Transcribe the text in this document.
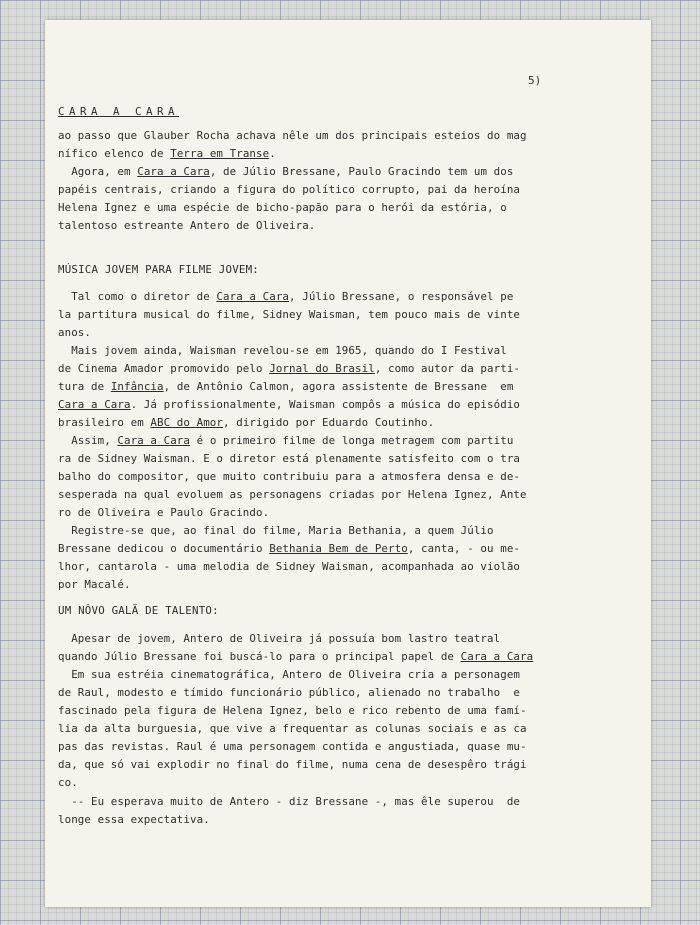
CARA A CARA
5)
ao passo que Glauber Rocha achava nêle um dos principais esteios do mag
nífico elenco de Terra em Transe.
Agora, em Cara a Cara, de Júlio Bressane, Paulo Gracindo tem um dos
papéis centrais, criando a figura do político corrupto, pai da heroína
Helena Ignez e uma espécie de bicho-papão para o herói da estória, o
talentoso estreante Antero de Oliveira.
MÚSICA JOVEM PARA FILME JOVEM:
Tal como o diretor de Cara a Cara, Júlio Bressane, o responsável pe
la partitura musical do filme, Sidney Waisman, tem pouco mais de vinte
anos.
Mais jovem ainda, Waisman revelou-se em 1965, quando do I Festival
de Cinema Amador promovido pelo Jornal do Brasil, como autor da parti-
tura de Infância, de Antônio Calmon, agora assistente de Bressane  em
Cara a Cara. Já profissionalmente, Waisman compôs a música do episódio
brasileiro em ABC do Amor, dirigido por Eduardo Coutinho.
Assim, Cara a Cara é o primeiro filme de longa metragem com partitu
ra de Sidney Waisman. E o diretor está plenamente satisfeito com o tra
balho do compositor, que muito contribuiu para a atmosfera densa e de-
sesperada na qual evoluem as personagens criadas por Helena Ignez, Ante
ro de Oliveira e Paulo Gracindo.
Registre-se que, ao final do filme, Maria Bethania, a quem Júlio
Bressane dedicou o documentário Bethania Bem de Perto, canta, - ou me-
lhor, cantarola - uma melodia de Sidney Waisman, acompanhada ao violão
por Macalé.
UM NÔVO GALÃ DE TALENTO:
Apesar de jovem, Antero de Oliveira já possuía bom lastro teatral
quando Júlio Bressane foi buscá-lo para o principal papel de Cara a Cara
Em sua estréia cinematográfica, Antero de Oliveira cria a personagem
de Raul, modesto e tímido funcionário público, alienado no trabalho  e
fascinado pela figura de Helena Ignez, belo e rico rebento de uma famí-
lia da alta burguesia, que vive a frequentar as colunas sociais e as ca
pas das revistas. Raul é uma personagem contida e angustiada, quase mu-
da, que só vai explodir no final do filme, numa cena de desespêro trági
co.
-- Eu esperava muito de Antero - diz Bressane -, mas êle superou  de
longe essa expectativa.
